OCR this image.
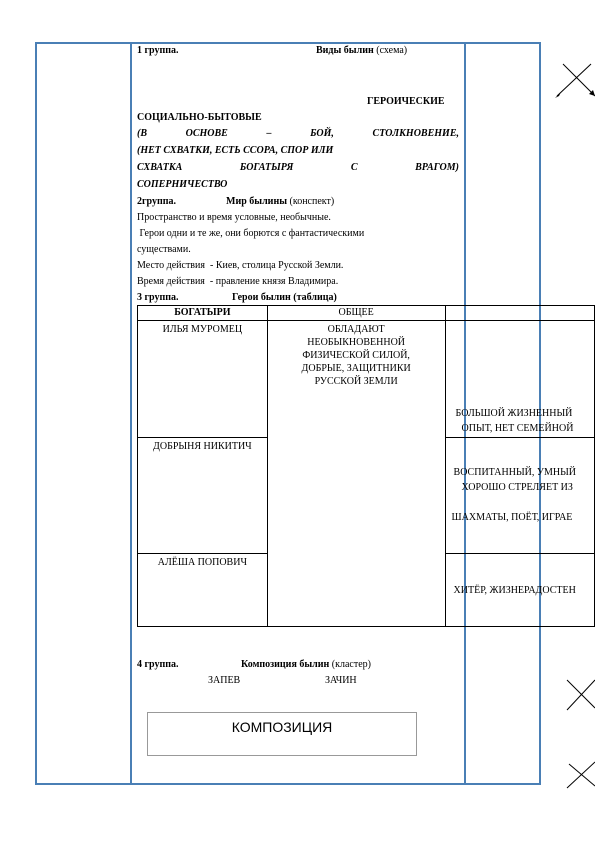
1 группа.	Виды былин (схема)
ГЕРОИЧЕСКИЕ
СОЦИАЛЬНО-БЫТОВЫЕ
(В	ОСНОВЕ	–	БОЙ,	СТОЛКНОВЕНИЕ,
(НЕТ СХВАТКИ, ЕСТЬ ССОРА, СПОР ИЛИ
СХВАТКА	БОГАТЫРЯ	С	ВРАГОМ)
СОПЕРНИЧЕСТВО
2группа.	Мир былины (конспект)
Пространство и время условные, необычные.
Герои одни и те же, они борются с фантастическими
существами.
Место действия  - Киев, столица Русской Земли.
Время действия  - правление князя Владимира.
3 группа.	Герои былин (таблица)
БОГАТЫРИ	ОБЩЕЕ	
ИЛЬЯ МУРОМЕЦ	ОБЛАДАЮТ НЕОБЫКНОВЕННОЙ ФИЗИЧЕСКОЙ СИЛОЙ, ДОБРЫЕ, ЗАЩИТНИКИ РУССКОЙ ЗЕМЛИ	БОЛЬШОЙ ЖИЗНЕННЫЙ
ОПЫТ, НЕТ СЕМЕЙНОЙ

ДОБРЫНЯ НИКИТИЧ		ВОСПИТАННЫЙ, УМНЫЙ
ХОРОШО СТРЕЛЯЕТ ИЗ
ШАХМАТЫ, ПОЁТ, ИГРАЕ

АЛЁША ПОПОВИЧ		ХИТЁР, ЖИЗНЕРАДОСТЕН
4 группа.	Композиция былин (кластер)
ЗАПЕВ	ЗАЧИН
КОМПОЗИЦИЯ
